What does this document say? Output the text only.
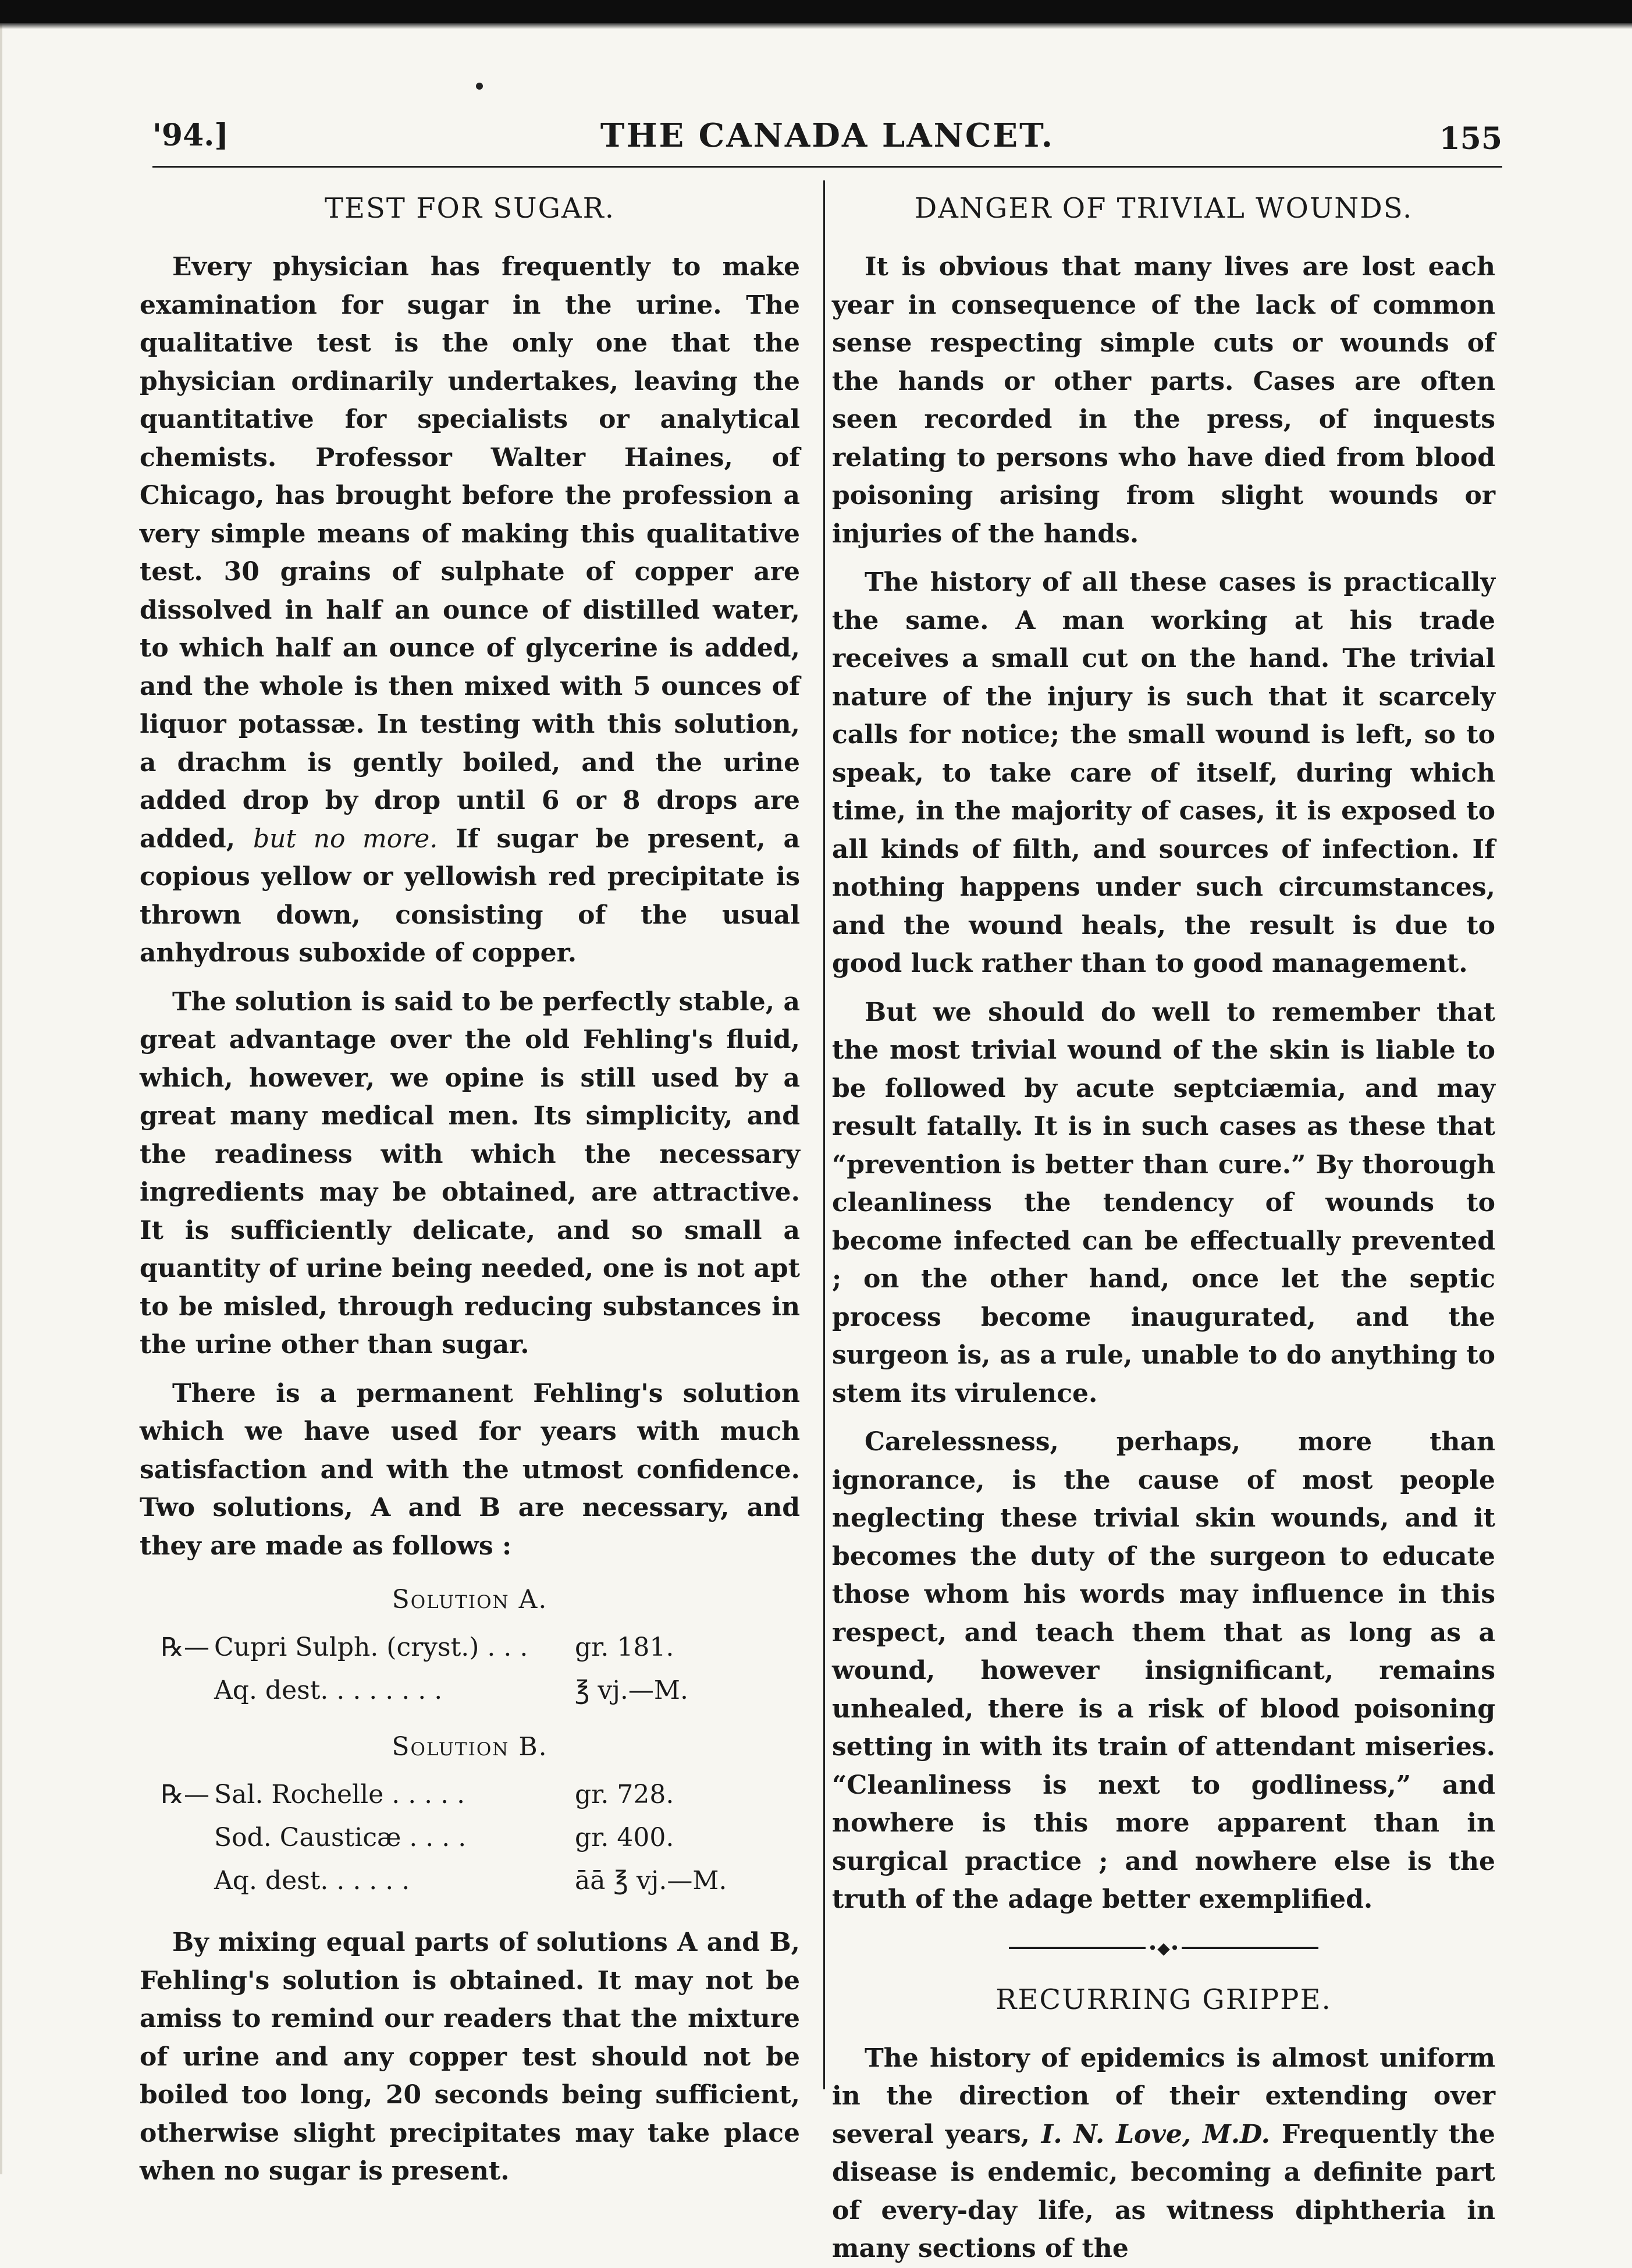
'94.]	THE CANADA LANCET.	155
TEST FOR SUGAR.

Every physician has frequently to make examination for sugar in the urine. The qualitative test is the only one that the physician ordinarily undertakes, leaving the quantitative for specialists or analytical chemists. Professor Walter Haines, of Chicago, has brought before the profession a very simple means of making this qualitative test. 30 grains of sulphate of copper are dissolved in half an ounce of distilled water, to which half an ounce of glycerine is added, and the whole is then mixed with 5 ounces of liquor potassæ. In testing with this solution, a drachm is gently boiled, and the urine added drop by drop until 6 or 8 drops are added, but no more. If sugar be present, a copious yellow or yellowish red precipitate is thrown down, consisting of the usual anhydrous suboxide of copper.

The solution is said to be perfectly stable, a great advantage over the old Fehling's fluid, which, however, we opine is still used by a great many medical men. Its simplicity, and the readiness with which the necessary ingredients may be obtained, are attractive. It is sufficiently delicate, and so small a quantity of urine being needed, one is not apt to be misled, through reducing substances in the urine other than sugar.

There is a permanent Fehling's solution which we have used for years with much satisfaction and with the utmost confidence. Two solutions, A and B are necessary, and they are made as follows :

Solution A.
℞— Cupri Sulph. (cryst.) . . .	gr. 181.
Aq. dest. . . . . . . .	℥ vj.—M.
Solution B.
℞— Sal. Rochelle . . . . .	gr. 728.
Sod. Causticæ . . . .	gr. 400.
Aq. dest. . . . . .	āā ℥ vj.—M.

By mixing equal parts of solutions A and B, Fehling's solution is obtained. It may not be amiss to remind our readers that the mixture of urine and any copper test should not be boiled too long, 20 seconds being sufficient, otherwise slight precipitates may take place when no sugar is present.

DANGER OF TRIVIAL WOUNDS.

It is obvious that many lives are lost each year in consequence of the lack of common sense respecting simple cuts or wounds of the hands or other parts. Cases are often seen recorded in the press, of inquests relating to persons who have died from blood poisoning arising from slight wounds or injuries of the hands.

The history of all these cases is practically the same. A man working at his trade receives a small cut on the hand. The trivial nature of the injury is such that it scarcely calls for notice; the small wound is left, so to speak, to take care of itself, during which time, in the majority of cases, it is exposed to all kinds of filth, and sources of infection. If nothing happens under such circumstances, and the wound heals, the result is due to good luck rather than to good management.

But we should do well to remember that the most trivial wound of the skin is liable to be followed by acute septciæmia, and may result fatally. It is in such cases as these that “prevention is better than cure.” By thorough cleanliness the tendency of wounds to become infected can be effectually prevented ; on the other hand, once let the septic process become inaugurated, and the surgeon is, as a rule, unable to do anything to stem its virulence.

Carelessness, perhaps, more than ignorance, is the cause of most people neglecting these trivial skin wounds, and it becomes the duty of the surgeon to educate those whom his words may influence in this respect, and teach them that as long as a wound, however insignificant, remains unhealed, there is a risk of blood poisoning setting in with its train of attendant miseries. “Cleanliness is next to godliness,” and nowhere is this more apparent than in surgical practice ; and nowhere else is the truth of the adage better exemplified.

•◆•
RECURRING GRIPPE.

The history of epidemics is almost uniform in the direction of their extending over several years, I. N. Love, M.D. Frequently the disease is endemic, becoming a definite part of every-day life, as witness diphtheria in many sections of the
